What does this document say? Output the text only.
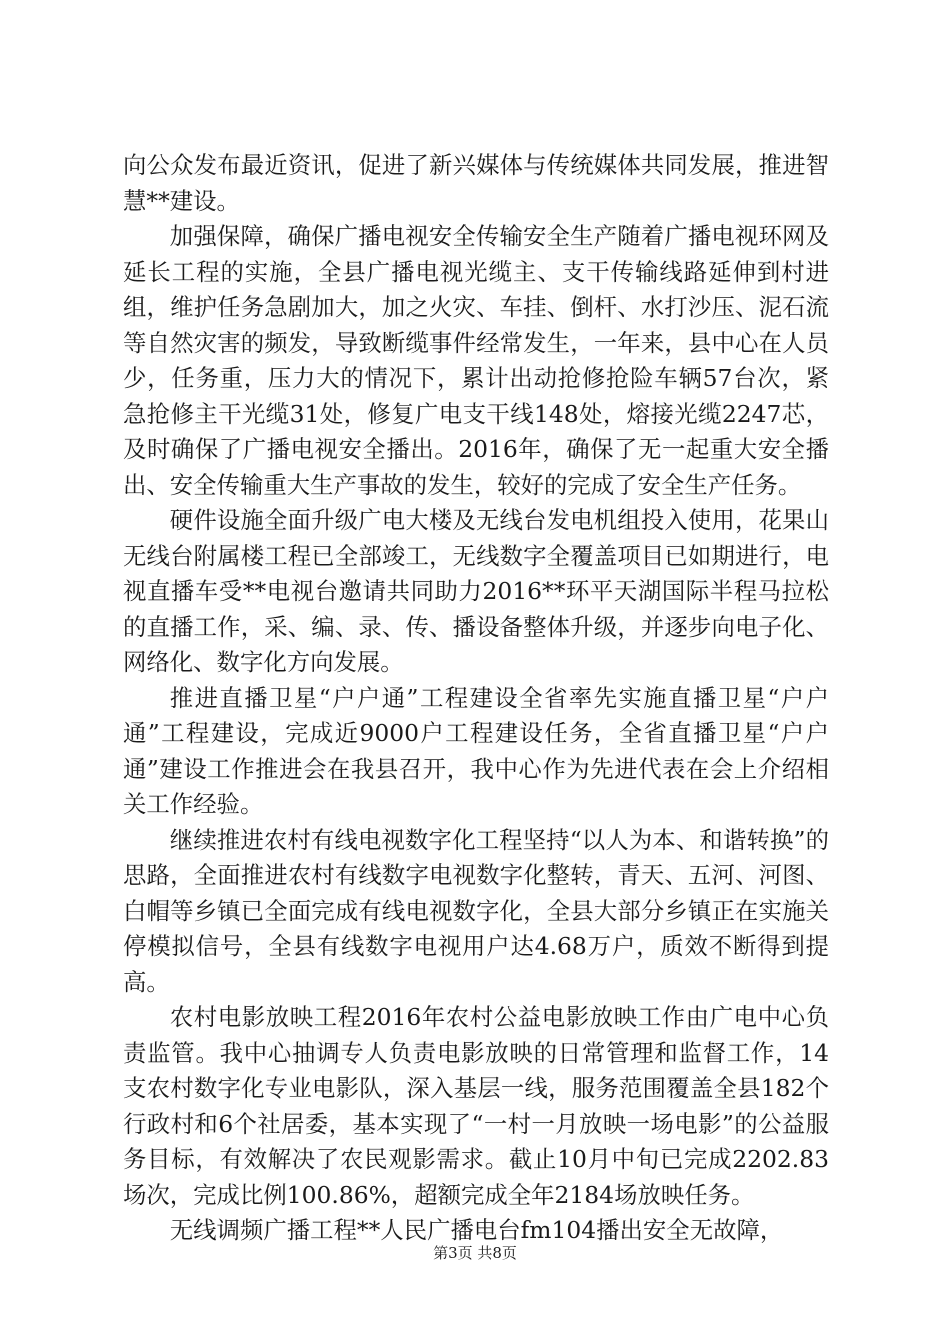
向公众发布最近资讯，促进了新兴媒体与传统媒体共同发展，推进智慧**建设。

加强保障，确保广播电视安全传输安全生产随着广播电视环网及延长工程的实施，全县广播电视光缆主、支干传输线路延伸到村进组，维护任务急剧加大，加之火灾、车挂、倒杆、水打沙压、泥石流等自然灾害的频发，导致断缆事件经常发生，一年来，县中心在人员少，任务重，压力大的情况下，累计出动抢修抢险车辆57台次，紧急抢修主干光缆31处，修复广电支干线148处，熔接光缆2247芯，及时确保了广播电视安全播出。2016年，确保了无一起重大安全播出、安全传输重大生产事故的发生，较好的完成了安全生产任务。

硬件设施全面升级广电大楼及无线台发电机组投入使用，花果山无线台附属楼工程已全部竣工，无线数字全覆盖项目已如期进行，电视直播车受**电视台邀请共同助力2016**环平天湖国际半程马拉松的直播工作，采、编、录、传、播设备整体升级，并逐步向电子化、网络化、数字化方向发展。

推进直播卫星“户户通”工程建设全省率先实施直播卫星“户户通”工程建设，完成近9000户工程建设任务，全省直播卫星“户户通”建设工作推进会在我县召开，我中心作为先进代表在会上介绍相关工作经验。

继续推进农村有线电视数字化工程坚持“以人为本、和谐转换”的思路，全面推进农村有线数字电视数字化整转，青天、五河、河图、白帽等乡镇已全面完成有线电视数字化，全县大部分乡镇正在实施关停模拟信号，全县有线数字电视用户达4.68万户，质效不断得到提高。

农村电影放映工程2016年农村公益电影放映工作由广电中心负责监管。我中心抽调专人负责电影放映的日常管理和监督工作，14支农村数字化专业电影队，深入基层一线，服务范围覆盖全县182个行政村和6个社居委，基本实现了“一村一月放映一场电影”的公益服务目标，有效解决了农民观影需求。截止10月中旬已完成2202.83场次，完成比例100.86%，超额完成全年2184场放映任务。

无线调频广播工程**人民广播电台fm104播出安全无故障，

第3页 共8页
